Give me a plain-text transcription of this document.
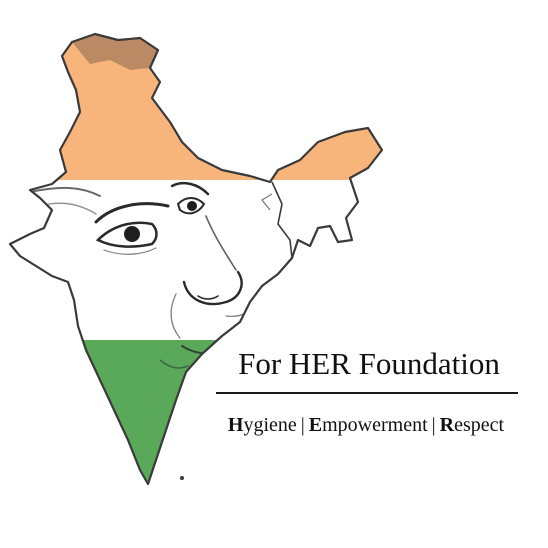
For HER Foundation
Hygiene | Empowerment | Respect
